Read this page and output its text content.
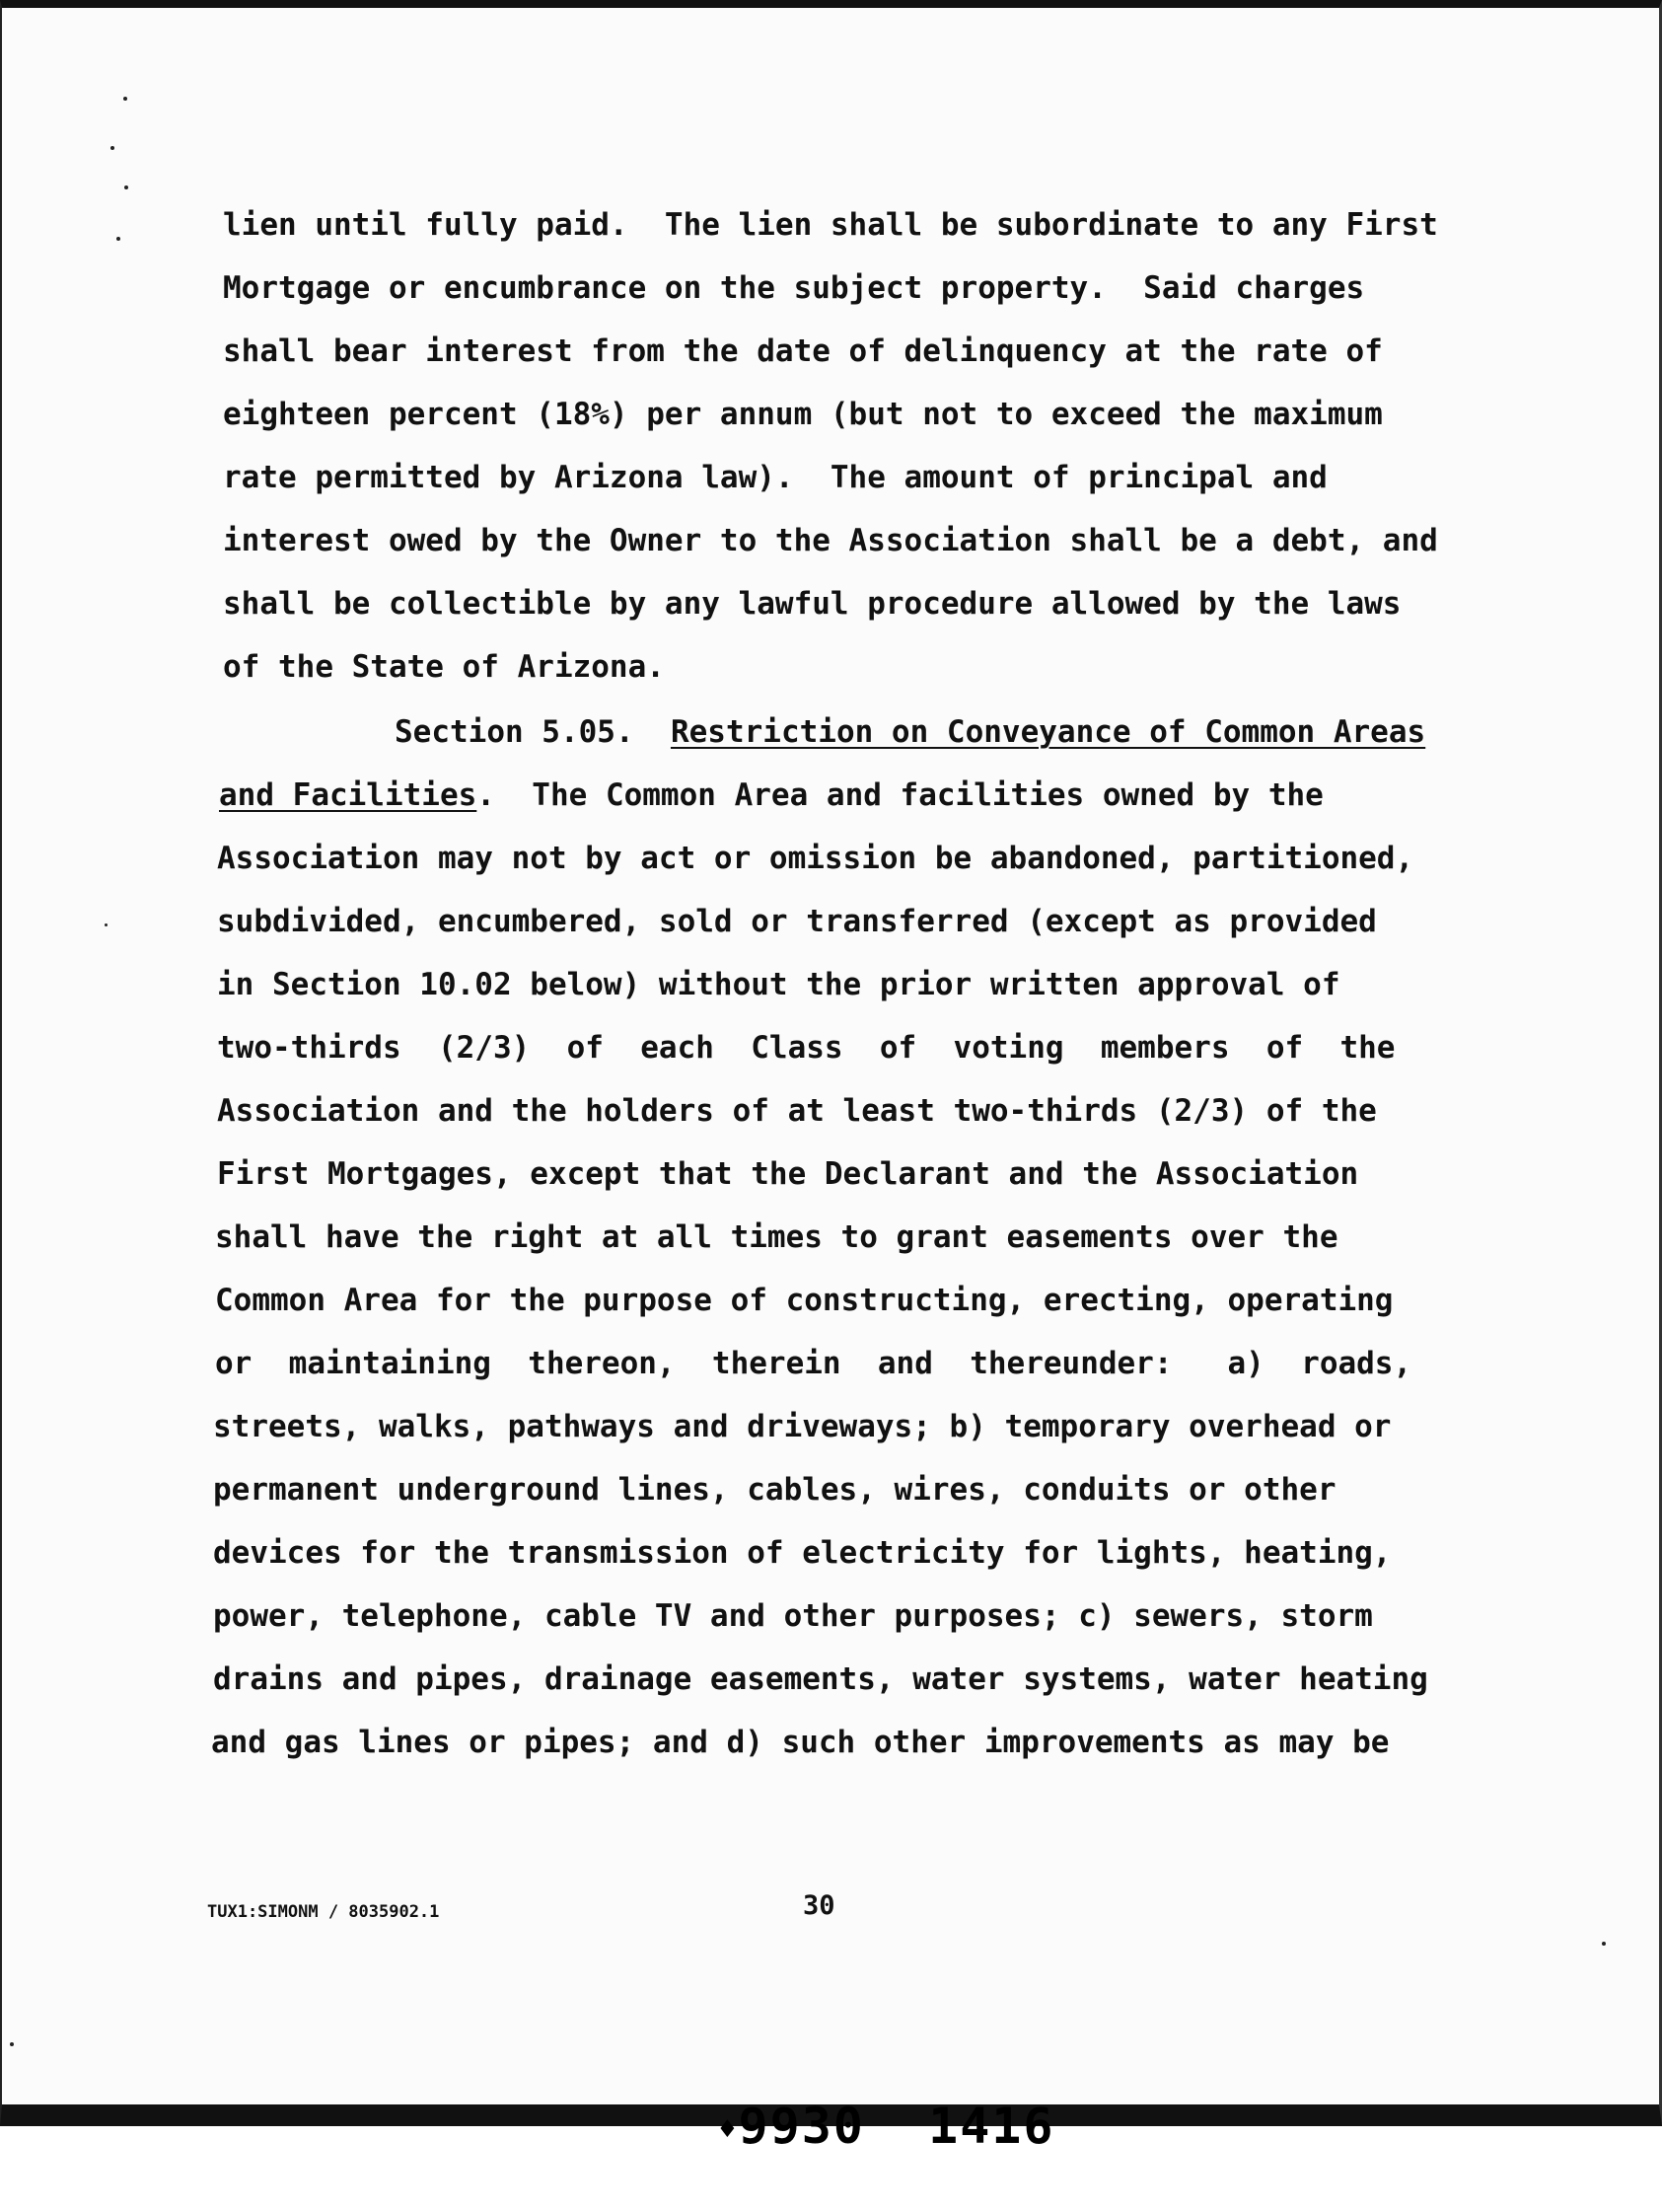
lien until fully paid.  The lien shall be subordinate to any First
Mortgage or encumbrance on the subject property.  Said charges
shall bear interest from the date of delinquency at the rate of
eighteen percent (18%) per annum (but not to exceed the maximum
rate permitted by Arizona law).  The amount of principal and
interest owed by the Owner to the Association shall be a debt, and
shall be collectible by any lawful procedure allowed by the laws
of the State of Arizona.
Section 5.05. Restriction on Conveyance of Common Areas
and Facilities.  The Common Area and facilities owned by the
Association may not by act or omission be abandoned, partitioned,
subdivided, encumbered, sold or transferred (except as provided
in Section 10.02 below) without the prior written approval of
two-thirds  (2/3)  of  each  Class  of  voting  members  of  the
Association and the holders of at least two-thirds (2/3) of the
First Mortgages, except that the Declarant and the Association
shall have the right at all times to grant easements over the
Common Area for the purpose of constructing, erecting, operating
or  maintaining  thereon,  therein  and  thereunder:   a)  roads,
streets, walks, pathways and driveways; b) temporary overhead or
permanent underground lines, cables, wires, conduits or other
devices for the transmission of electricity for lights, heating,
power, telephone, cable TV and other purposes; c) sewers, storm
drains and pipes, drainage easements, water systems, water heating
and gas lines or pipes; and d) such other improvements as may be
TUX1:SIMONM / 8035902.1	30

♦9930  1416
